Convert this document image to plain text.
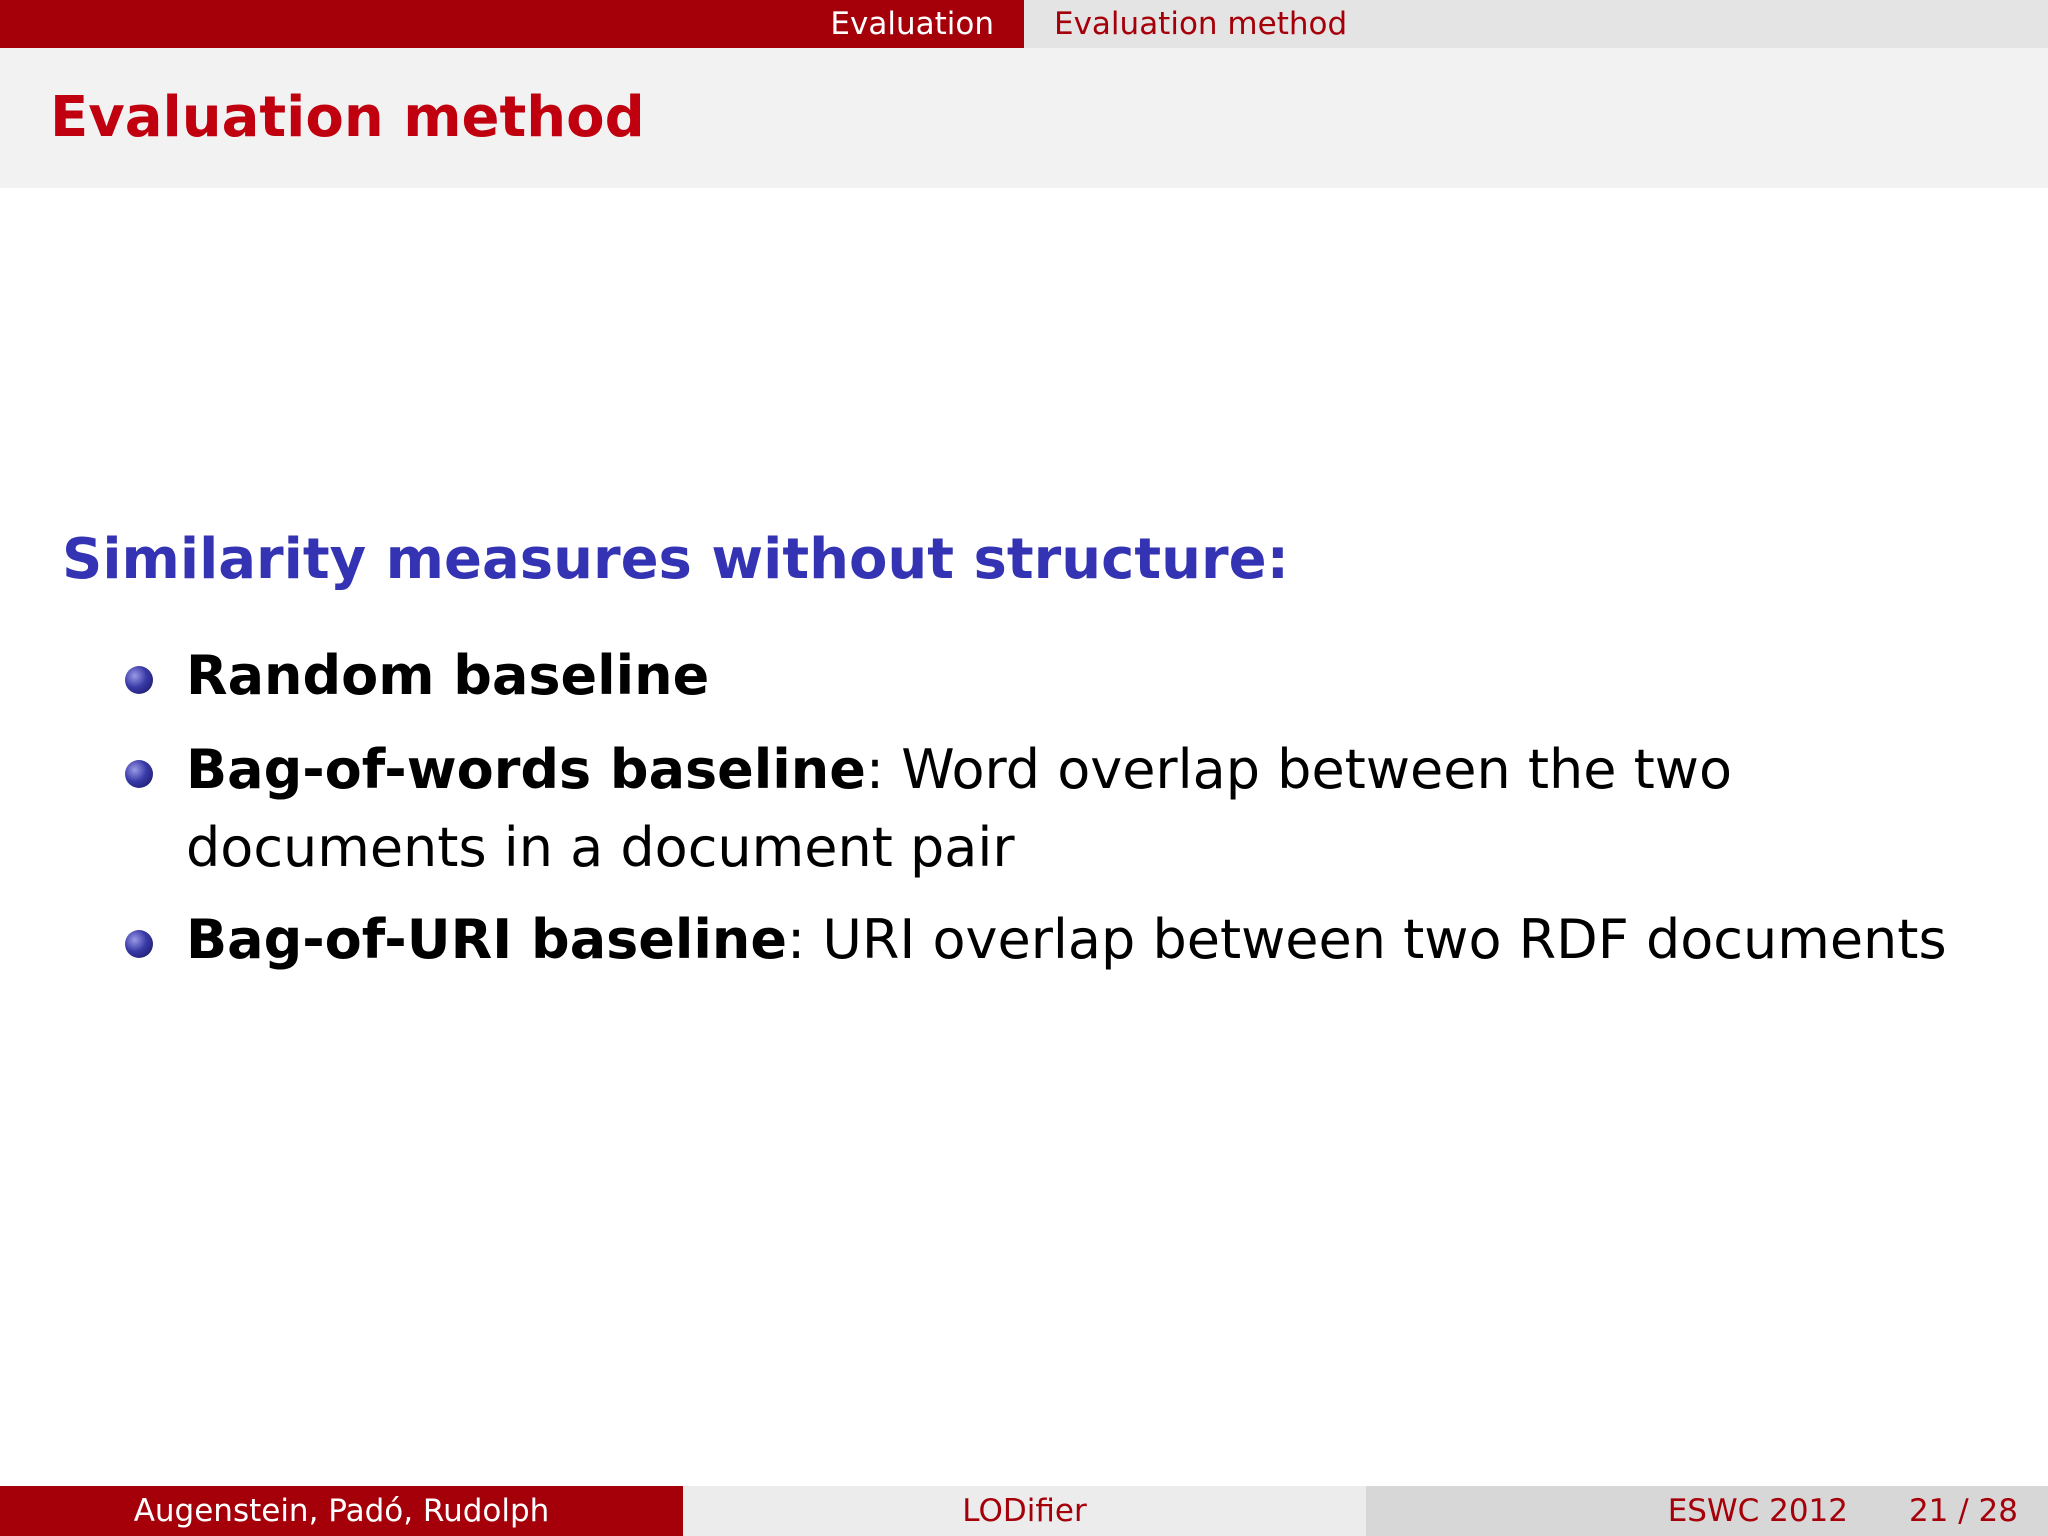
Evaluation	Evaluation method
Evaluation method
Similarity measures without structure:
Random baseline
Bag-of-words baseline: Word overlap between the two documents in a document pair
Bag-of-URI baseline: URI overlap between two RDF documents
Augenstein, Padó, Rudolph	LODifier	ESWC 2012 21 / 28
